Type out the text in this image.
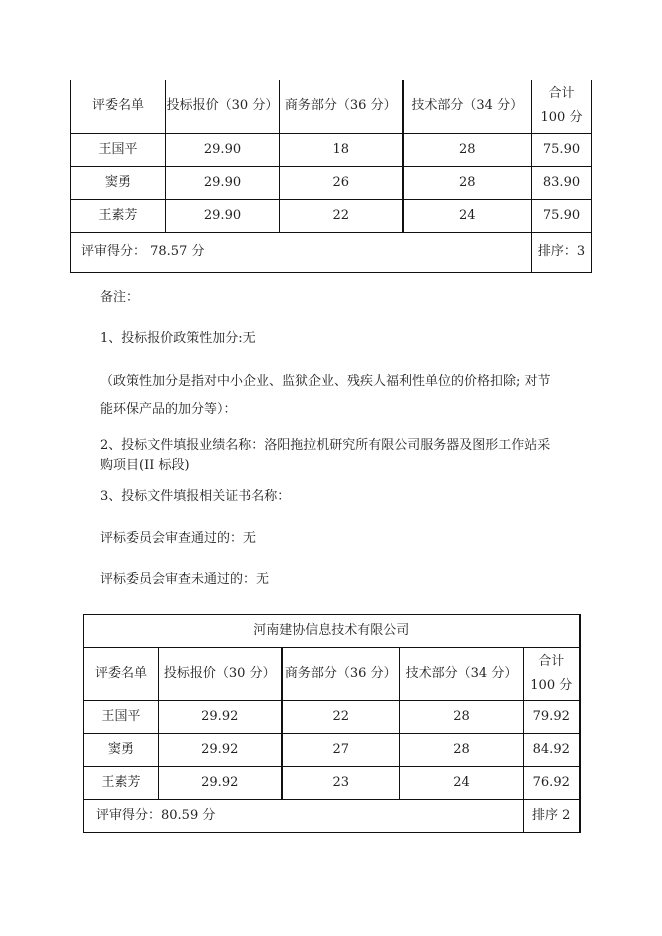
评委名单	投标报价（30 分）	商务部分（36 分）	技术部分（34 分）	合计
100 分

王国平	29.90	18	28	75.90
窦勇	29.90	26	28	83.90
王素芳	29.90	22	24	75.90
评审得分： 78.57 分				排序：3
备注：
1、投标报价政策性加分:无
（政策性加分是指对中小企业、监狱企业、残疾人福利性单位的价格扣除; 对节
能环保产品的加分等）：
2、投标文件填报业绩名称：洛阳拖拉机研究所有限公司服务器及图形工作站采
购项目(II 标段)
3、投标文件填报相关证书名称：
评标委员会审查通过的：无
评标委员会审查未通过的：无
河南建协信息技术有限公司				
评委名单	投标报价（30 分）	商务部分（36 分）	技术部分（34 分）	合计
100 分

王国平	29.92	22	28	79.92
窦勇	29.92	27	28	84.92
王素芳	29.92	23	24	76.92
评审得分：80.59 分				排序 2
